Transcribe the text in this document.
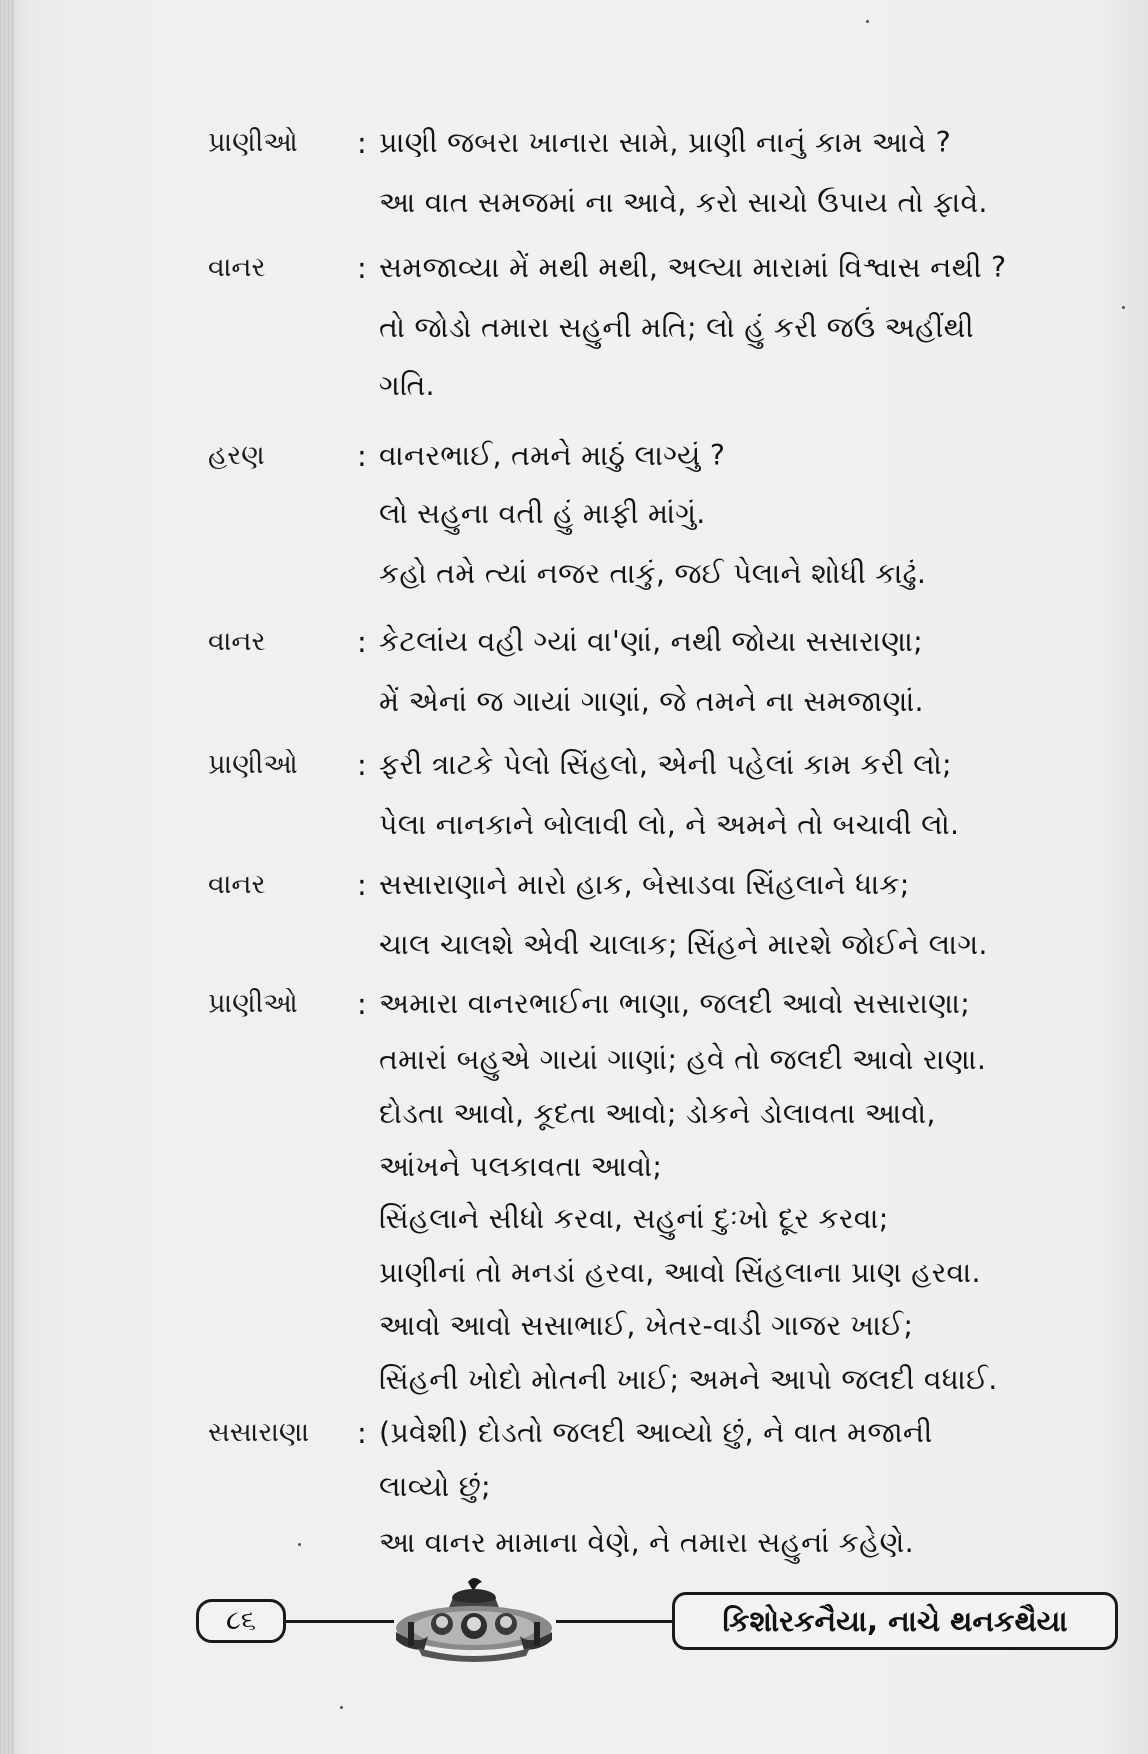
પ્રાણીઓ	: પ્રાણી જબરા ખાનારા સામે, પ્રાણી નાનું કામ આવે ?
આ વાત સમજમાં ના આવે, કરો સાચો ઉપાય તો ફાવે.
વાનર	: સમજાવ્યા મેં મથી મથી, અલ્યા મારામાં વિશ્વાસ નથી ?
તો જોડો તમારા સહુની મતિ; લો હું કરી જઉં અહીંથી
ગતિ.
હરણ	: વાનરભાઈ, તમને માઠું લાગ્યું ?
લો સહુના વતી હું માફી માંગું.
કહો તમે ત્યાં નજર તાકું, જઈ પેલાને શોધી કાઢું.
વાનર	: કેટલાંય વહી ગ્યાં વા'ણાં, નથી જોયા સસારાણા;
મેં એનાં જ ગાયાં ગાણાં, જે તમને ના સમજાણાં.
પ્રાણીઓ	: ફરી ત્રાટકે પેલો સિંહલો, એની પહેલાં કામ કરી લો;
પેલા નાનકાને બોલાવી લો, ને અમને તો બચાવી લો.
વાનર	: સસારાણાને મારો હાક, બેસાડવા સિંહલાને ધાક;
ચાલ ચાલશે એવી ચાલાક; સિંહને મારશે જોઈને લાગ.
પ્રાણીઓ	: અમારા વાનરભાઈના ભાણા, જલદી આવો સસારાણા;
તમારાં બહુએ ગાયાં ગાણાં; હવે તો જલદી આવો રાણા.
દોડતા આવો, કૂદતા આવો; ડોકને ડોલાવતા આવો,
આંખને પલકાવતા આવો;
સિંહલાને સીધો કરવા, સહુનાં દુઃખો દૂર કરવા;
પ્રાણીનાં તો મનડાં હરવા, આવો સિંહલાના પ્રાણ હરવા.
આવો આવો સસાભાઈ, ખેતર-વાડી ગાજર ખાઈ;
સિંહની ખોદો મોતની ખાઈ; અમને આપો જલદી વધાઈ.
સસારાણા	: (પ્રવેશી) દોડતો જલદી આવ્યો છું, ને વાત મજાની
લાવ્યો છું;
આ વાનર મામાના વેણે, ને તમારા સહુનાં કહેણે.
૮૬	કિશોરકનૈયા, નાચે થનકથૈયા
